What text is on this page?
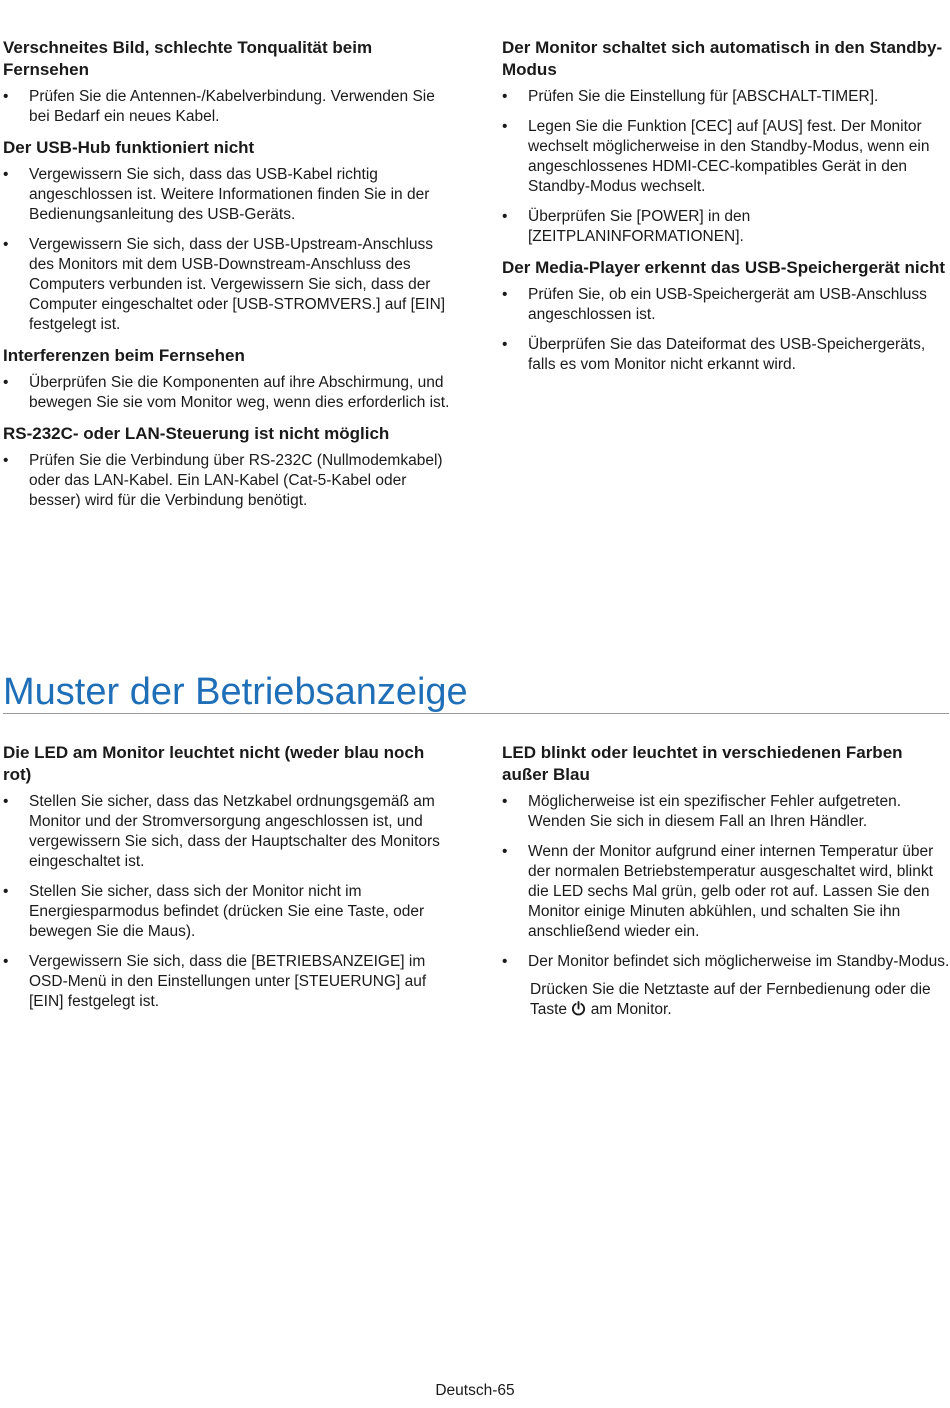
Verschneites Bild, schlechte Tonqualität beim Fernsehen
•	Prüfen Sie die Antennen-/Kabelverbindung. Verwenden Sie bei Bedarf ein neues Kabel.
Der USB-Hub funktioniert nicht
•	Vergewissern Sie sich, dass das USB-Kabel richtig angeschlossen ist. Weitere Informationen finden Sie in der Bedienungsanleitung des USB-Geräts.
•	Vergewissern Sie sich, dass der USB-Upstream-Anschluss des Monitors mit dem USB-Downstream-Anschluss des Computers verbunden ist. Vergewissern Sie sich, dass der Computer eingeschaltet oder [USB-STROMVERS.] auf [EIN] festgelegt ist.
Interferenzen beim Fernsehen
•	Überprüfen Sie die Komponenten auf ihre Abschirmung, und bewegen Sie sie vom Monitor weg, wenn dies erforderlich ist.
RS-232C- oder LAN-Steuerung ist nicht möglich
•	Prüfen Sie die Verbindung über RS-232C (Nullmodemkabel) oder das LAN-Kabel. Ein LAN-Kabel (Cat-5-Kabel oder besser) wird für die Verbindung benötigt.
Der Monitor schaltet sich automatisch in den Standby-Modus
•	Prüfen Sie die Einstellung für [ABSCHALT-TIMER].
•	Legen Sie die Funktion [CEC] auf [AUS] fest. Der Monitor wechselt möglicherweise in den Standby-Modus, wenn ein angeschlossenes HDMI-CEC-kompatibles Gerät in den Standby-Modus wechselt.
•	Überprüfen Sie [POWER] in den [ZEITPLANINFORMATIONEN].
Der Media-Player erkennt das USB-Speichergerät nicht
•	Prüfen Sie, ob ein USB-Speichergerät am USB-Anschluss angeschlossen ist.
•	Überprüfen Sie das Dateiformat des USB-Speichergeräts, falls es vom Monitor nicht erkannt wird.
Muster der Betriebsanzeige
Die LED am Monitor leuchtet nicht (weder blau noch rot)
•	Stellen Sie sicher, dass das Netzkabel ordnungsgemäß am Monitor und der Stromversorgung angeschlossen ist, und vergewissern Sie sich, dass der Hauptschalter des Monitors eingeschaltet ist.
•	Stellen Sie sicher, dass sich der Monitor nicht im Energiesparmodus befindet (drücken Sie eine Taste, oder bewegen Sie die Maus).
•	Vergewissern Sie sich, dass die [BETRIEBSANZEIGE] im OSD-Menü in den Einstellungen unter [STEUERUNG] auf [EIN] festgelegt ist.
LED blinkt oder leuchtet in verschiedenen Farben außer Blau
•	Möglicherweise ist ein spezifischer Fehler aufgetreten. Wenden Sie sich in diesem Fall an Ihren Händler.
•	Wenn der Monitor aufgrund einer internen Temperatur über der normalen Betriebstemperatur ausgeschaltet wird, blinkt die LED sechs Mal grün, gelb oder rot auf. Lassen Sie den Monitor einige Minuten abkühlen, und schalten Sie ihn anschließend wieder ein.
•	Der Monitor befindet sich möglicherweise im Standby-Modus.

Drücken Sie die Netztaste auf der Fernbedienung oder die Taste am Monitor.

Deutsch-65
